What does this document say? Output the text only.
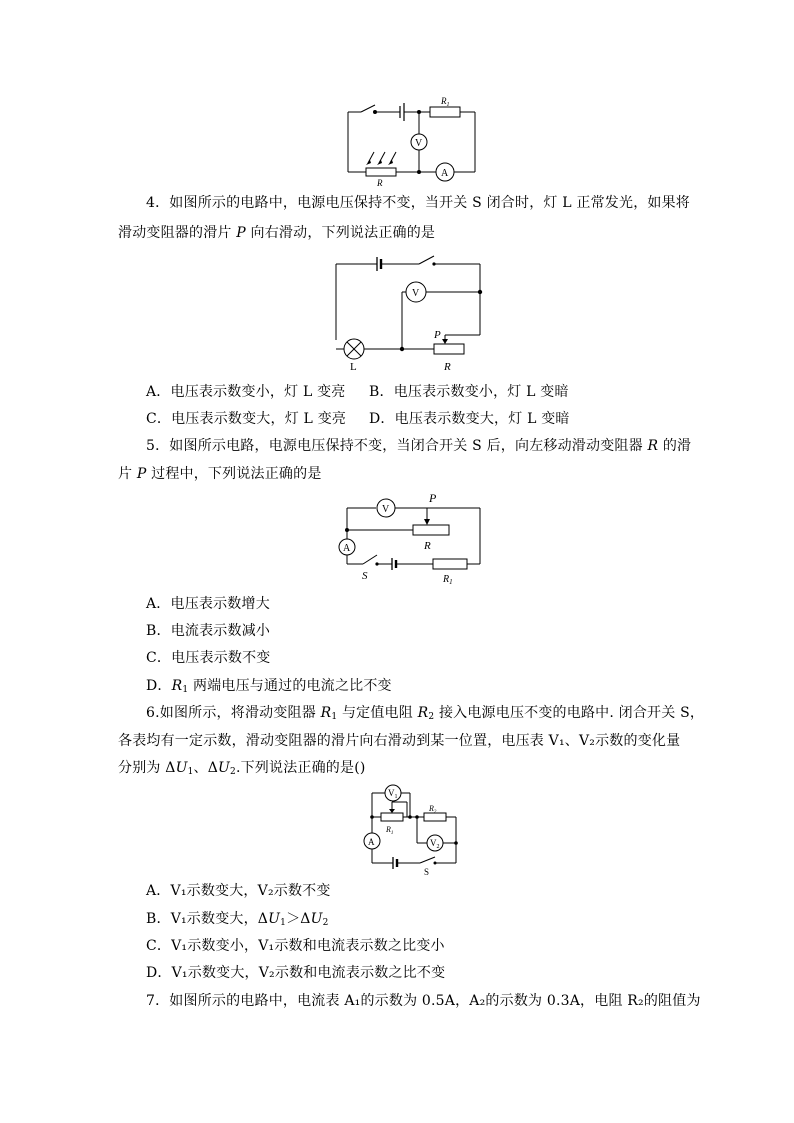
$R_1$
V
A
R
4．如图所示的电路中，电源电压保持不变，当开关 S 闭合时，灯 L 正常发光，如果将
滑动变阻器的滑片 P 向右滑动，下列说法正确的是
V
P
L	R
A．电压表示数变小，灯 L 变亮 B．电压表示数变小，灯 L 变暗
C．电压表示数变大，灯 L 变亮 D．电压表示数变大，灯 L 变暗
5．如图所示电路，电源电压保持不变，当闭合开关 S 后，向左移动滑动变阻器 R 的滑
片 P 过程中，下列说法正确的是
V
P
R
A
S	$R_1$
A．电压表示数增大
B．电流表示数减小
C．电压表示数不变
D．$R_1$ 两端电压与通过的电流之比不变
6.如图所示，将滑动变阻器 $R_1$ 与定值电阻 $R_2$ 接入电源电压不变的电路中. 闭合开关 S，
各表均有一定示数，滑动变阻器的滑片向右滑动到某一位置，电压表 V₁、V₂示数的变化量
分别为 $\Delta U_1$、$\Delta U_2$.下列说法正确的是()
$V_1$
$R_1$
$R_2$
A	$V_2$
S
A．V₁示数变大，V₂示数不变
B．V₁示数变大，$\Delta U_1>\Delta U_2$
C．V₁示数变小，V₁示数和电流表示数之比变小
D．V₁示数变大，V₂示数和电流表示数之比不变
7．如图所示的电路中，电流表 A₁的示数为 0.5A，A₂的示数为 0.3A，电阻 R₂的阻值为
